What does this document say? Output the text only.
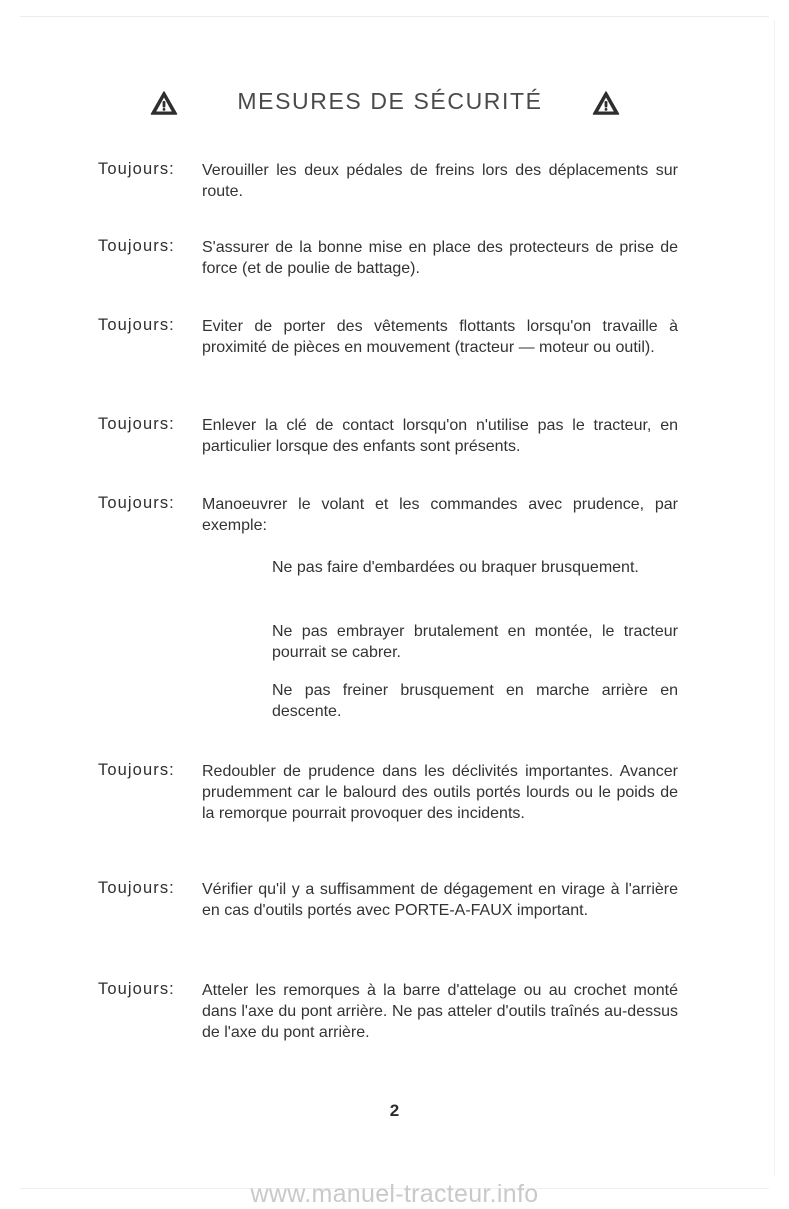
MESURES DE SÉCURITÉ
Toujours:	Verouiller les deux pédales de freins lors des déplacements sur route.
Toujours:	S'assurer de la bonne mise en place des protecteurs de prise de force (et de poulie de battage).
Toujours:	Eviter de porter des vêtements flottants lorsqu'on travaille à proximité de pièces en mouvement (tracteur — moteur ou outil).
Toujours:	Enlever la clé de contact lorsqu'on n'utilise pas le tracteur, en particulier lorsque des enfants sont présents.
Toujours:	Manoeuvrer le volant et les commandes avec prudence, par exemple:
Ne pas faire d'embardées ou braquer brusquement.
Ne pas embrayer brutalement en montée, le tracteur pourrait se cabrer.
Ne pas freiner brusquement en marche arrière en descente.
Toujours:	Redoubler de prudence dans les déclivités importantes. Avancer prudemment car le balourd des outils portés lourds ou le poids de la remorque pourrait provoquer des incidents.
Toujours:	Vérifier qu'il y a suffisamment de dégagement en virage à l'arrière en cas d'outils portés avec PORTE-A-FAUX important.
Toujours:	Atteler les remorques à la barre d'attelage ou au crochet monté dans l'axe du pont arrière. Ne pas atteler d'outils traînés au-dessus de l'axe du pont arrière.
2
www.manuel-tracteur.info
